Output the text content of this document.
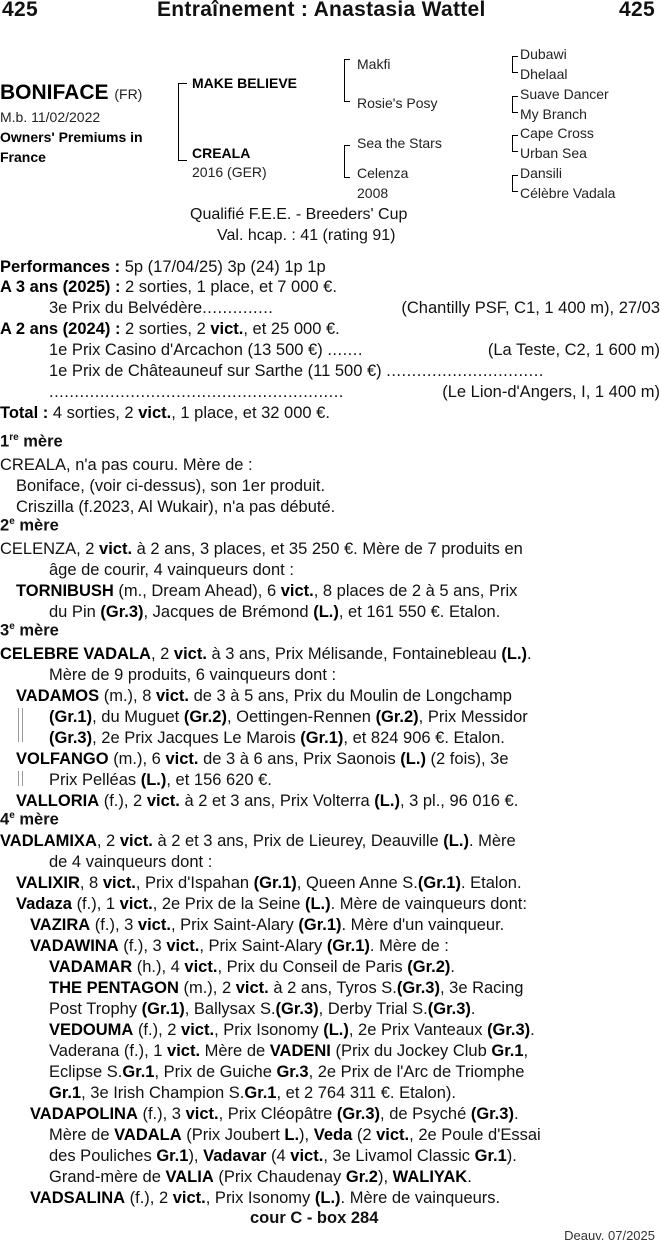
425	Entraînement : Anastasia Wattel	425
BONIFACE (FR)
M.b. 11/02/2022
Owners' Premiums in
France
MAKE BELIEVE
CREALA
2016 (GER)
Makfi
Rosie's Posy
Sea the Stars
Celenza
2008
Dubawi
Dhelaal
Suave Dancer
My Branch
Cape Cross
Urban Sea
Dansili
Célèbre Vadala
Qualifié F.E.E. - Breeders' Cup
Val. hcap. : 41 (rating 91)
Performances : 5p (17/04/25) 3p (24) 1p 1p
A 3 ans (2025) : 2 sorties, 1 place, et 7 000 €.
3e Prix du Belvédère..............	(Chantilly PSF, C1, 1 400 m), 27/03
A 2 ans (2024) : 2 sorties, 2 vict., et 25 000 €.
1e Prix Casino d'Arcachon (13 500 €) .......	(La Teste, C2, 1 600 m)
1e Prix de Châteauneuf sur Sarthe (11 500 €) ...............................
..........................................................	(Le Lion-d'Angers, I, 1 400 m)
Total : 4 sorties, 2 vict., 1 place, et 32 000 €.
1re mère
CREALA, n'a pas couru. Mère de :
Boniface, (voir ci-dessus), son 1er produit.
Criszilla (f.2023, Al Wukair), n'a pas débuté.
2e mère
CELENZA, 2 vict. à 2 ans, 3 places, et 35 250 €. Mère de 7 produits en
âge de courir, 4 vainqueurs dont :
TORNIBUSH (m., Dream Ahead), 6 vict., 8 places de 2 à 5 ans, Prix
du Pin (Gr.3), Jacques de Brémond (L.), et 161 550 €. Etalon.
3e mère
CELEBRE VADALA, 2 vict. à 3 ans, Prix Mélisande, Fontainebleau (L.).
Mère de 9 produits, 6 vainqueurs dont :
VADAMOS (m.), 8 vict. de 3 à 5 ans, Prix du Moulin de Longchamp
(Gr.1), du Muguet (Gr.2), Oettingen-Rennen (Gr.2), Prix Messidor
(Gr.3), 2e Prix Jacques Le Marois (Gr.1), et 824 906 €. Etalon.
VOLFANGO (m.), 6 vict. de 3 à 6 ans, Prix Saonois (L.) (2 fois), 3e
Prix Pelléas (L.), et 156 620 €.
VALLORIA (f.), 2 vict. à 2 et 3 ans, Prix Volterra (L.), 3 pl., 96 016 €.
4e mère
VADLAMIXA, 2 vict. à 2 et 3 ans, Prix de Lieurey, Deauville (L.). Mère
de 4 vainqueurs dont :
VALIXIR, 8 vict., Prix d'Ispahan (Gr.1), Queen Anne S.(Gr.1). Etalon.
Vadaza (f.), 1 vict., 2e Prix de la Seine (L.). Mère de vainqueurs dont:
VAZIRA (f.), 3 vict., Prix Saint-Alary (Gr.1). Mère d'un vainqueur.
VADAWINA (f.), 3 vict., Prix Saint-Alary (Gr.1). Mère de :
VADAMAR (h.), 4 vict., Prix du Conseil de Paris (Gr.2).
THE PENTAGON (m.), 2 vict. à 2 ans, Tyros S.(Gr.3), 3e Racing
Post Trophy (Gr.1), Ballysax S.(Gr.3), Derby Trial S.(Gr.3).
VEDOUMA (f.), 2 vict., Prix Isonomy (L.), 2e Prix Vanteaux (Gr.3).
Vaderana (f.), 1 vict. Mère de VADENI (Prix du Jockey Club Gr.1,
Eclipse S.Gr.1, Prix de Guiche Gr.3, 2e Prix de l'Arc de Triomphe
Gr.1, 3e Irish Champion S.Gr.1, et 2 764 311 €. Etalon).
VADAPOLINA (f.), 3 vict., Prix Cléopâtre (Gr.3), de Psyché (Gr.3).
Mère de VADALA (Prix Joubert L.), Veda (2 vict., 2e Poule d'Essai
des Pouliches Gr.1), Vadavar (4 vict., 3e Livamol Classic Gr.1).
Grand-mère de VALIA (Prix Chaudenay Gr.2), WALIYAK.
VADSALINA (f.), 2 vict., Prix Isonomy (L.). Mère de vainqueurs.
cour C - box 284
Deauv. 07/2025
